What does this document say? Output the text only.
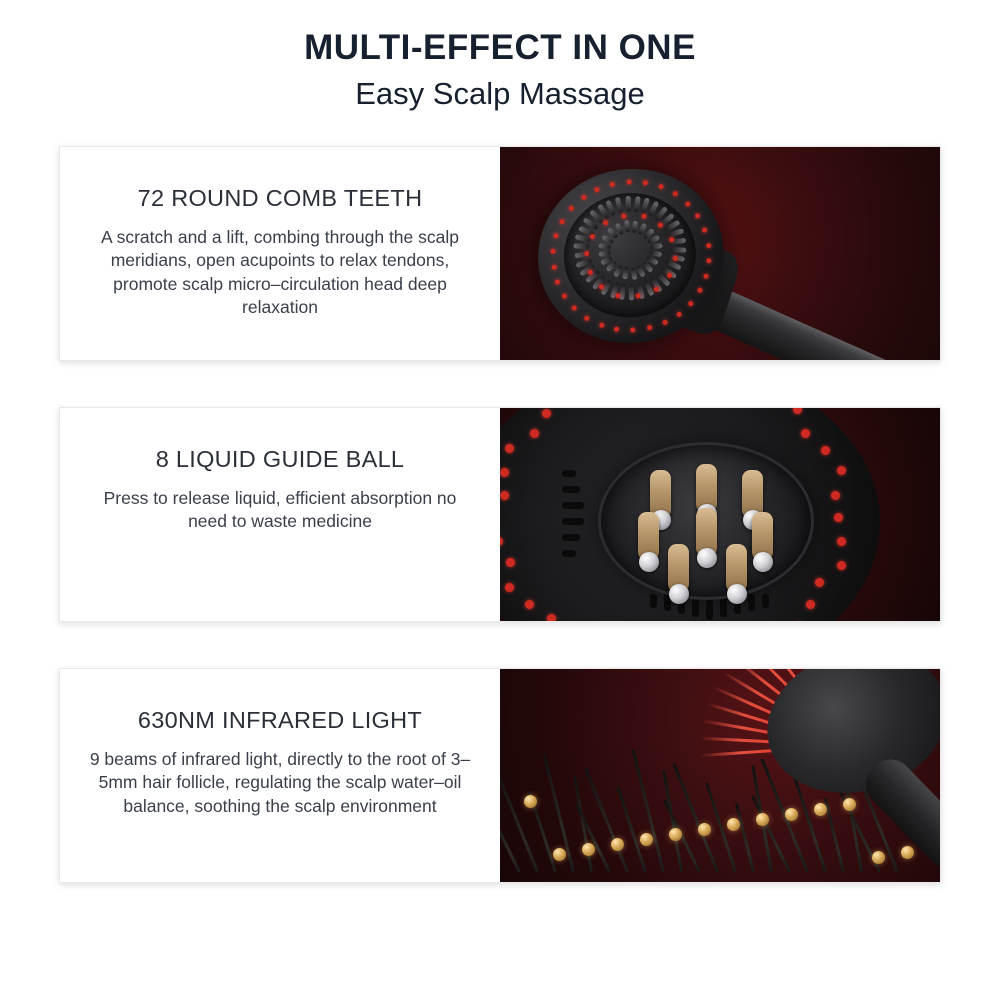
MULTI-EFFECT IN ONE
Easy Scalp Massage
72 ROUND COMB TEETH
A scratch and a lift, combing through the scalp meridians, open acupoints to relax tendons, promote scalp micro–circulation head deep relaxation
8 LIQUID GUIDE BALL
Press to release liquid, efficient absorption no need to waste medicine
630NM INFRARED LIGHT
9 beams of infrared light, directly to the root of 3–5mm hair follicle, regulating the scalp water–oil balance, soothing the scalp environment
